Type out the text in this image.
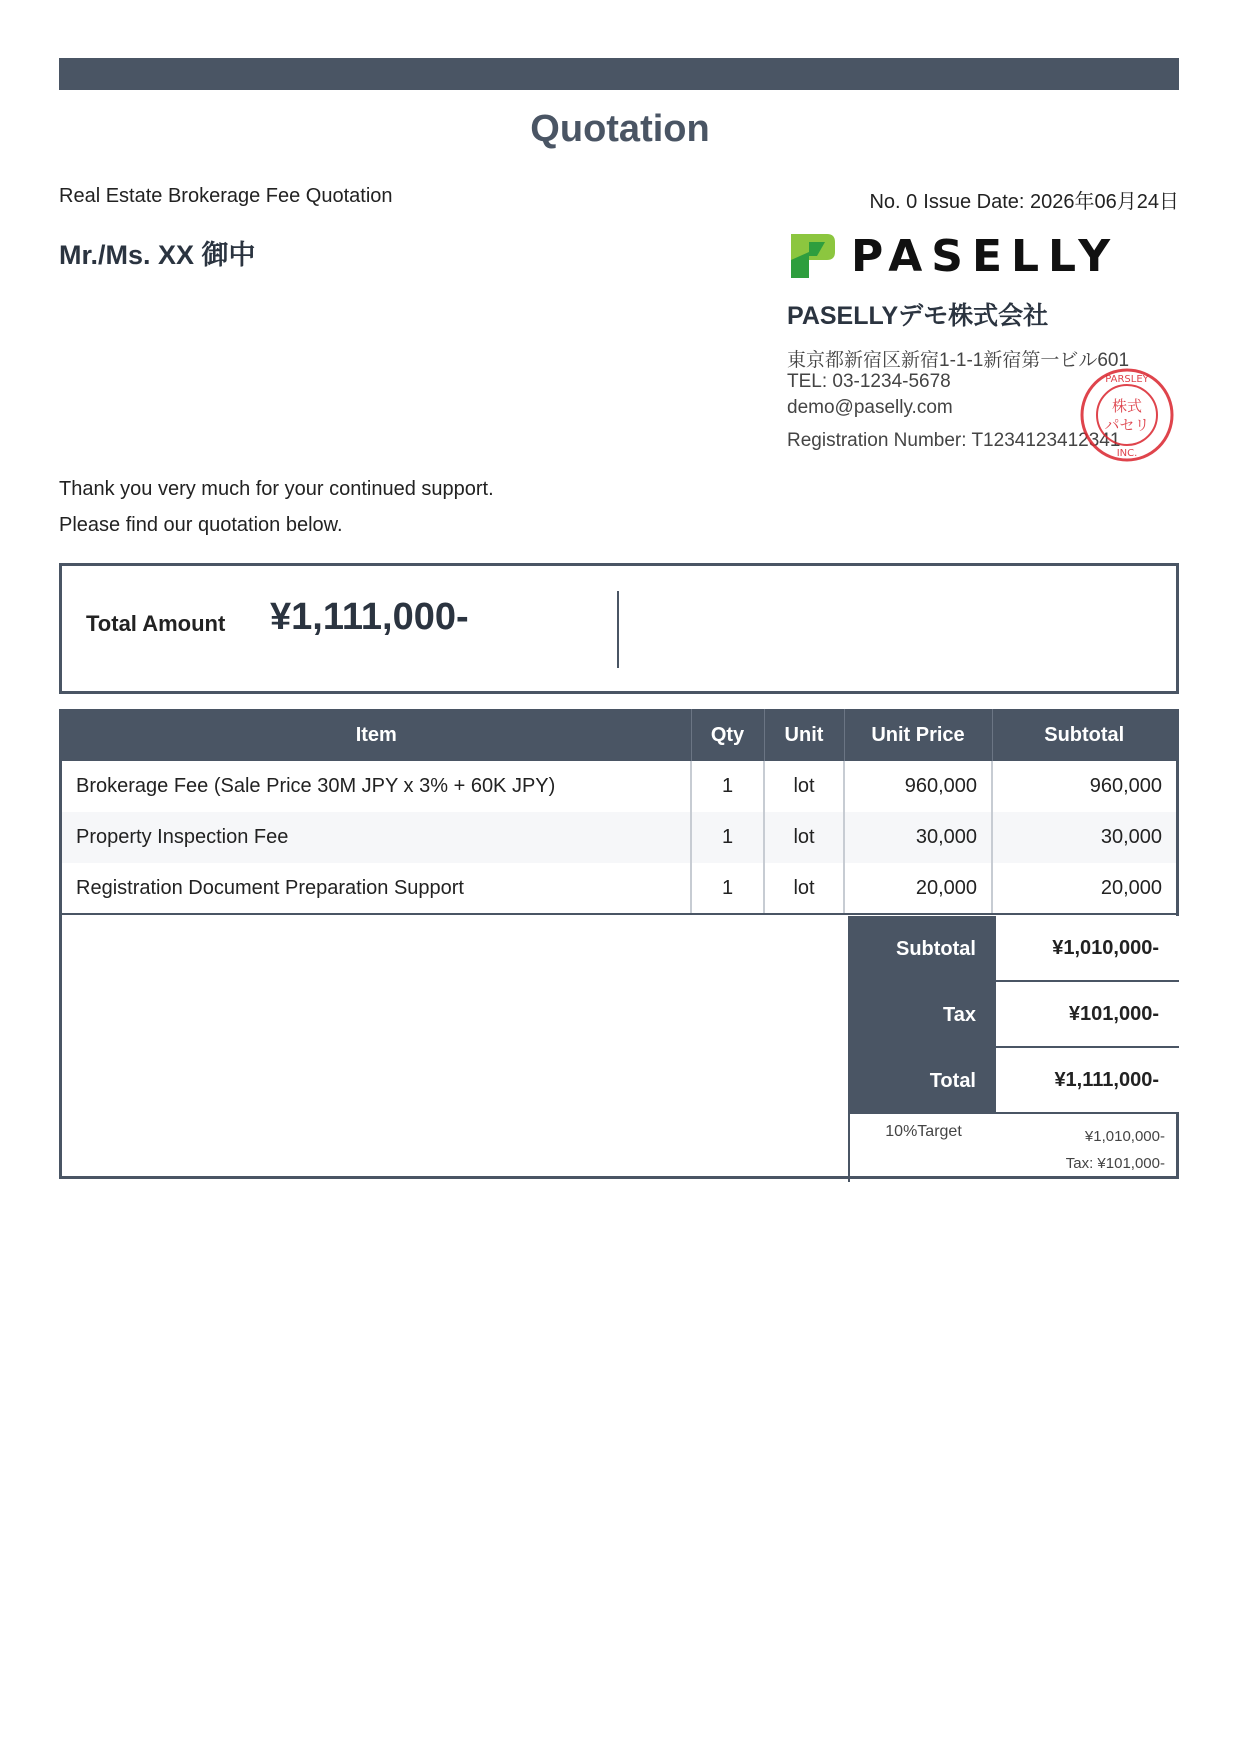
Quotation
Real Estate Brokerage Fee Quotation	No. 0 Issue Date: 2026年06月24日
Mr./Ms. XX 御中	PASELLY
PASELLYデモ株式会社
東京都新宿区新宿1-1-1新宿第一ビル601
TEL: 03-1234-5678
demo@paselly.com
Registration Number: T1234123412341
PARSLEY
INC.
株式
パセリ
Thank you very much for your continued support.
Please find our quotation below.
Total Amount ¥1,111,000-
Item	Qty	Unit	Unit Price	Subtotal
Brokerage Fee (Sale Price 30M JPY x 3% + 60K JPY)	1	lot	960,000	960,000
Property Inspection Fee	1	lot	30,000	30,000
Registration Document Preparation Support	1	lot	20,000	20,000
Subtotal	¥1,010,000-
Tax	¥101,000-
Total	¥1,111,000-
10%Target	¥1,010,000-
Tax: ¥101,000-
